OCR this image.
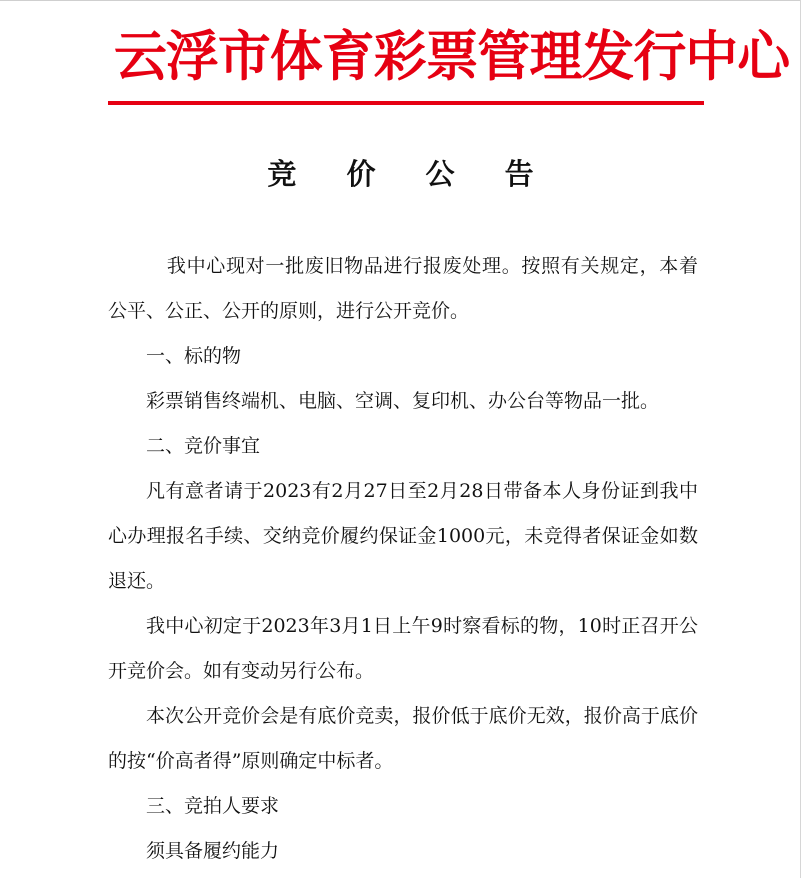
云浮市体育彩票管理发行中心
竞 价 公 告

我中心现对一批废旧物品进行报废处理。按照有关规定，本着公平、公正、公开的原则，进行公开竞价。

一、标的物

彩票销售终端机、电脑、空调、复印机、办公台等物品一批。

二、竞价事宜

凡有意者请于2023有2月27日至2月28日带备本人身份证到我中心办理报名手续、交纳竞价履约保证金1000元，未竞得者保证金如数退还。

我中心初定于2023年3月1日上午9时察看标的物，10时正召开公开竞价会。如有变动另行公布。

本次公开竞价会是有底价竞卖，报价低于底价无效，报价高于底价的按“价高者得”原则确定中标者。

三、竞拍人要求

须具备履约能力
